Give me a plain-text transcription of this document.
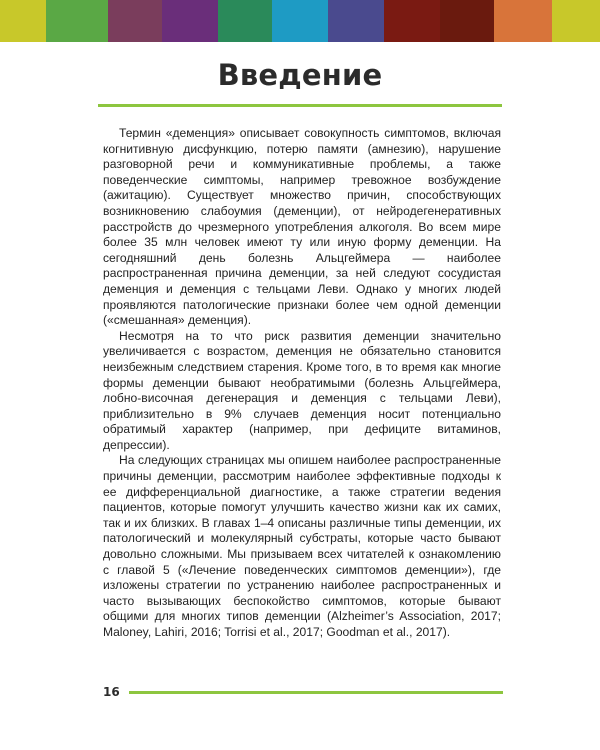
Введение

Термин «деменция» описывает совокупность симптомов, включая когнитивную дисфункцию, потерю памяти (амнезию), нарушение разговорной речи и коммуникативные проблемы, а также поведенческие симптомы, например тревожное возбуждение (ажитацию). Существует множество причин, способствующих возникновению слабоумия (деменции), от нейродегенеративных расстройств до чрезмерного употребления алкоголя. Во всем мире более 35 млн человек имеют ту или иную форму деменции. На сегодняшний день болезнь Альцгеймера — наиболее распространенная причина деменции, за ней следуют сосудистая деменция и деменция с тельцами Леви. Однако у многих людей проявляются патологические признаки более чем одной деменции («смешанная» деменция).

Несмотря на то что риск развития деменции значительно увеличивается с возрастом, деменция не обязательно становится неизбежным следствием старения. Кроме того, в то время как многие формы деменции бывают необратимыми (болезнь Альцгеймера, лобно-височная дегенерация и деменция с тельцами Леви), приблизительно в 9% случаев деменция носит потенциально обратимый характер (например, при дефиците витаминов, депрессии).

На следующих страницах мы опишем наиболее распространенные причины деменции, рассмотрим наиболее эффективные подходы к ее дифференциальной диагностике, а также стратегии ведения пациентов, которые помогут улучшить качество жизни как их самих, так и их близких. В главах 1–4 описаны различные типы деменции, их патологический и молекулярный субстраты, которые часто бывают довольно сложными. Мы призываем всех читателей к ознакомлению с главой 5 («Лечение поведенческих симптомов деменции»), где изложены стратегии по устранению наиболее распространенных и часто вызывающих беспокойство симптомов, которые бывают общими для многих типов деменции (Alzheimer’s Association, 2017; Maloney, Lahiri, 2016; Torrisi et al., 2017; Goodman et al., 2017).

16
